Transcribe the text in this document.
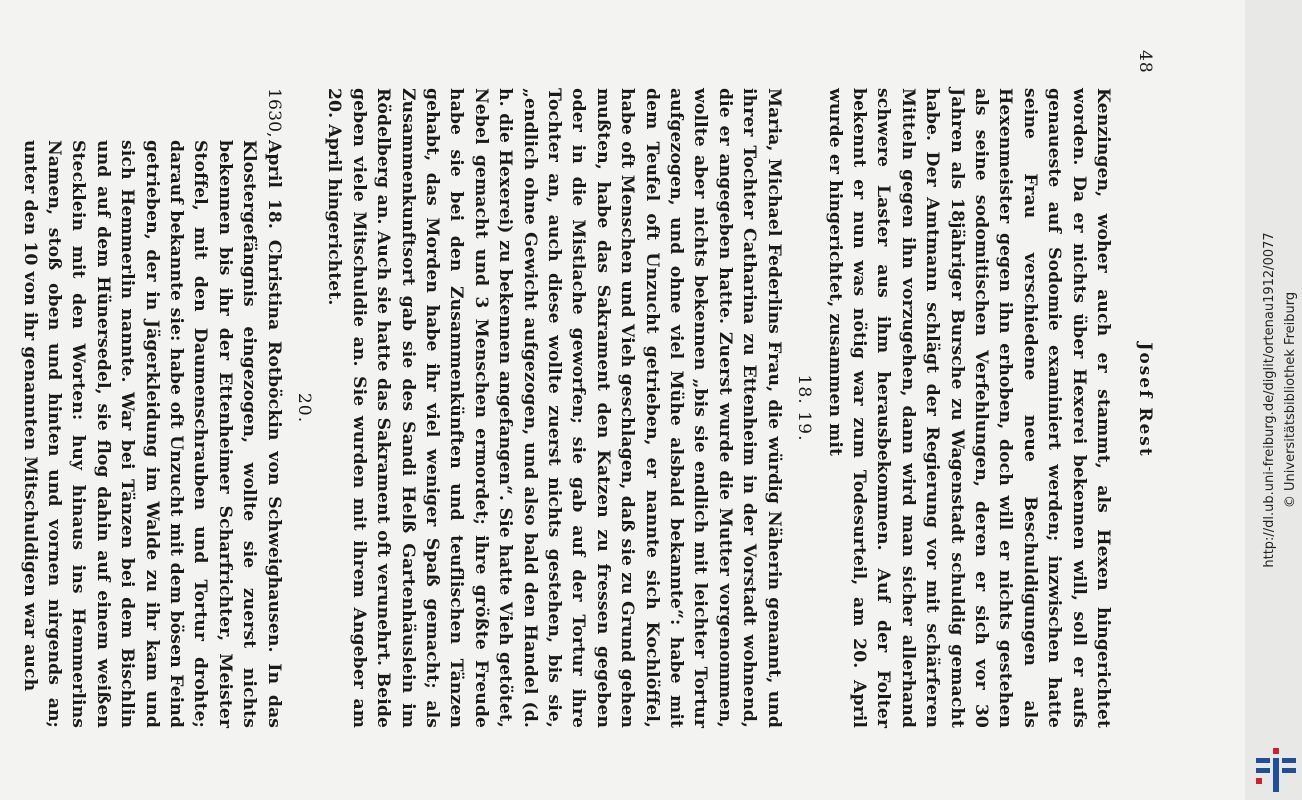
48
Josef Rest

Kenzingen, woher auch er stammt, als Hexen hingerichtet worden. Da er nichts über Hexerei bekennen will, soll er aufs genaueste auf Sodomie examiniert werden; inzwischen hatte seine Frau verschiedene neue Beschuldigungen als Hexenmeister gegen ihn erhoben, doch will er nichts gestehen als seine sodomitischen Verfehlungen, deren er sich vor 30 Jahren als 18jähriger Bursche zu Wagenstadt schuldig gemacht habe. Der Amtmann schlägt der Regierung vor mit schärferen Mitteln gegen ihn vorzugehen, dann wird man sicher allerhand schwere Laster aus ihm herausbekommen. Auf der Folter bekennt er nun was nötig war zum Todesurteil, am 20. April wurde er hingerichtet, zusammen mit

18. 19.

Maria, Michael Federlins Frau, die würdig Näherin genannt, und ihrer Tochter Catharina zu Ettenheim in der Vorstadt wohnend, die er angegeben hatte. Zuerst wurde die Mutter vorgenommen, wollte aber nichts bekennen „bis sie endlich mit leichter Tortur aufgezogen, und ohne viel Mühe alsbald bekannte“: habe mit dem Teufel oft Unzucht getrieben, er nannte sich Kochlöffel, habe oft Menschen und Vieh geschlagen, daß sie zu Grund gehen mußten, habe das Sakrament den Katzen zu fressen gegeben oder in die Mistlache geworfen; sie gab auf der Tortur ihre Tochter an, auch diese wollte zuerst nichts gestehen, bis sie, „endlich ohne Gewicht aufgezogen, und also bald den Handel (d. h. die Hexerei) zu bekennen angefangen“. Sie hatte Vieh getötet, Nebel gemacht und 3 Menschen ermordet; ihre größte Freude habe sie bei den Zusammenkünften und teuflischen Tänzen gehabt, das Morden habe ihr viel weniger Spaß gemacht; als Zusammenkunftsort gab sie des Sandi Helß Gartenhäuslein im Rödelberg an. Auch sie hatte das Sakrament oft verunehrt. Beide geben viele Mitschuldie an. Sie wurden mit ihrem Angeber am 20. April hingerichtet.

20.
1630,

April 18. Christina Rotböckin von Schweighausen. In das Klostergefängnis eingezogen, wollte sie zuerst nichts bekennen bis ihr der Ettenheimer Scharfrichter, Meister Stoffel, mit den Daumenschrauben und Tortur drohte; darauf bekannte sie: habe oft Unzucht mit dem bösen Feind getrieben, der in Jägerkleidung im Walde zu ihr kam und sich Hemmerlin nannte. War bei Tänzen bei dem Bischlin und auf dem Hünersedel, sie flog dahin auf einem weißen Stecklein mit den Worten: huy hinaus ins Hemmerlins Namen, stoß oben und hinten und vornen nirgends an; unter den 10 von ihr genannten Mitschuldigen war auch	http://dl.ub.uni-freiburg.de/diglit/ortenau1912/0077 © Universitätsbibliothek Freiburg
